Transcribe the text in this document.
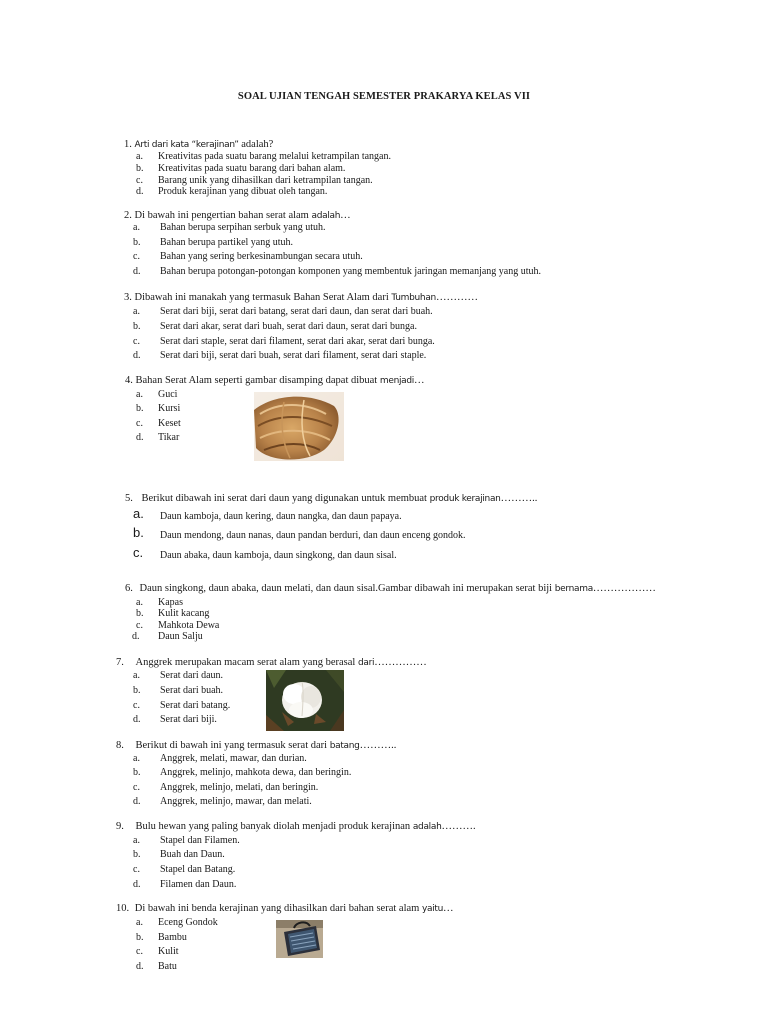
SOAL UJIAN TENGAH SEMESTER PRAKARYA KELAS VII
1. Arti dari kata “kerajinan” adalah?
a. Kreativitas pada suatu barang melalui ketrampilan tangan.
b. Kreativitas pada suatu barang dari bahan alam.
c. Barang unik yang dihasilkan dari ketrampilan tangan.
d. Produk kerajinan yang dibuat oleh tangan.
2. Di bawah ini pengertian bahan serat alam adalah…
a. Bahan berupa serpihan serbuk yang utuh.
b. Bahan berupa partikel yang utuh.
c. Bahan yang sering berkesinambungan secara utuh.
d. Bahan berupa potongan-potongan komponen yang membentuk jaringan memanjang yang utuh.
3. Dibawah ini manakah yang termasuk Bahan Serat Alam dari Tumbuhan…………
a. Serat dari biji, serat dari batang, serat dari daun, dan serat dari buah.
b. Serat dari akar, serat dari buah, serat dari daun, serat dari bunga.
c. Serat dari staple, serat dari filament, serat dari akar, serat dari bunga.
d. Serat dari biji, serat dari buah, serat dari filament, serat dari staple.
4. Bahan Serat Alam seperti gambar disamping dapat dibuat menjadi…
a. Guci
b. Kursi
c. Keset
d. Tikar
5. Berikut dibawah ini serat dari daun yang digunakan untuk membuat produk kerajinan………..
a. Daun kamboja, daun kering, daun nangka, dan daun papaya.
b. Daun mendong, daun nanas, daun pandan berduri, dan daun enceng gondok.
c. Daun abaka, daun kamboja, daun singkong, dan daun sisal.
6. Daun singkong, daun abaka, daun melati, dan daun sisal.Gambar dibawah ini merupakan serat biji bernama………………
a. Kapas
b. Kulit kacang
c. Mahkota Dewa
d. Daun Salju
7. Anggrek merupakan macam serat alam yang berasal dari……………
a. Serat dari daun.
b. Serat dari buah.
c. Serat dari batang.
d. Serat dari biji.
8. Berikut di bawah ini yang termasuk serat dari batang………..
a. Anggrek, melati, mawar, dan durian.
b. Anggrek, melinjo, mahkota dewa, dan beringin.
c. Anggrek, melinjo, melati, dan beringin.
d. Anggrek, melinjo, mawar, dan melati.
9. Bulu hewan yang paling banyak diolah menjadi produk kerajinan adalah……….
a. Stapel dan Filamen.
b. Buah dan Daun.
c. Stapel dan Batang.
d. Filamen dan Daun.
10. Di bawah ini benda kerajinan yang dihasilkan dari bahan serat alam yaitu…
a. Eceng Gondok
b. Bambu
c. Kulit
d. Batu
